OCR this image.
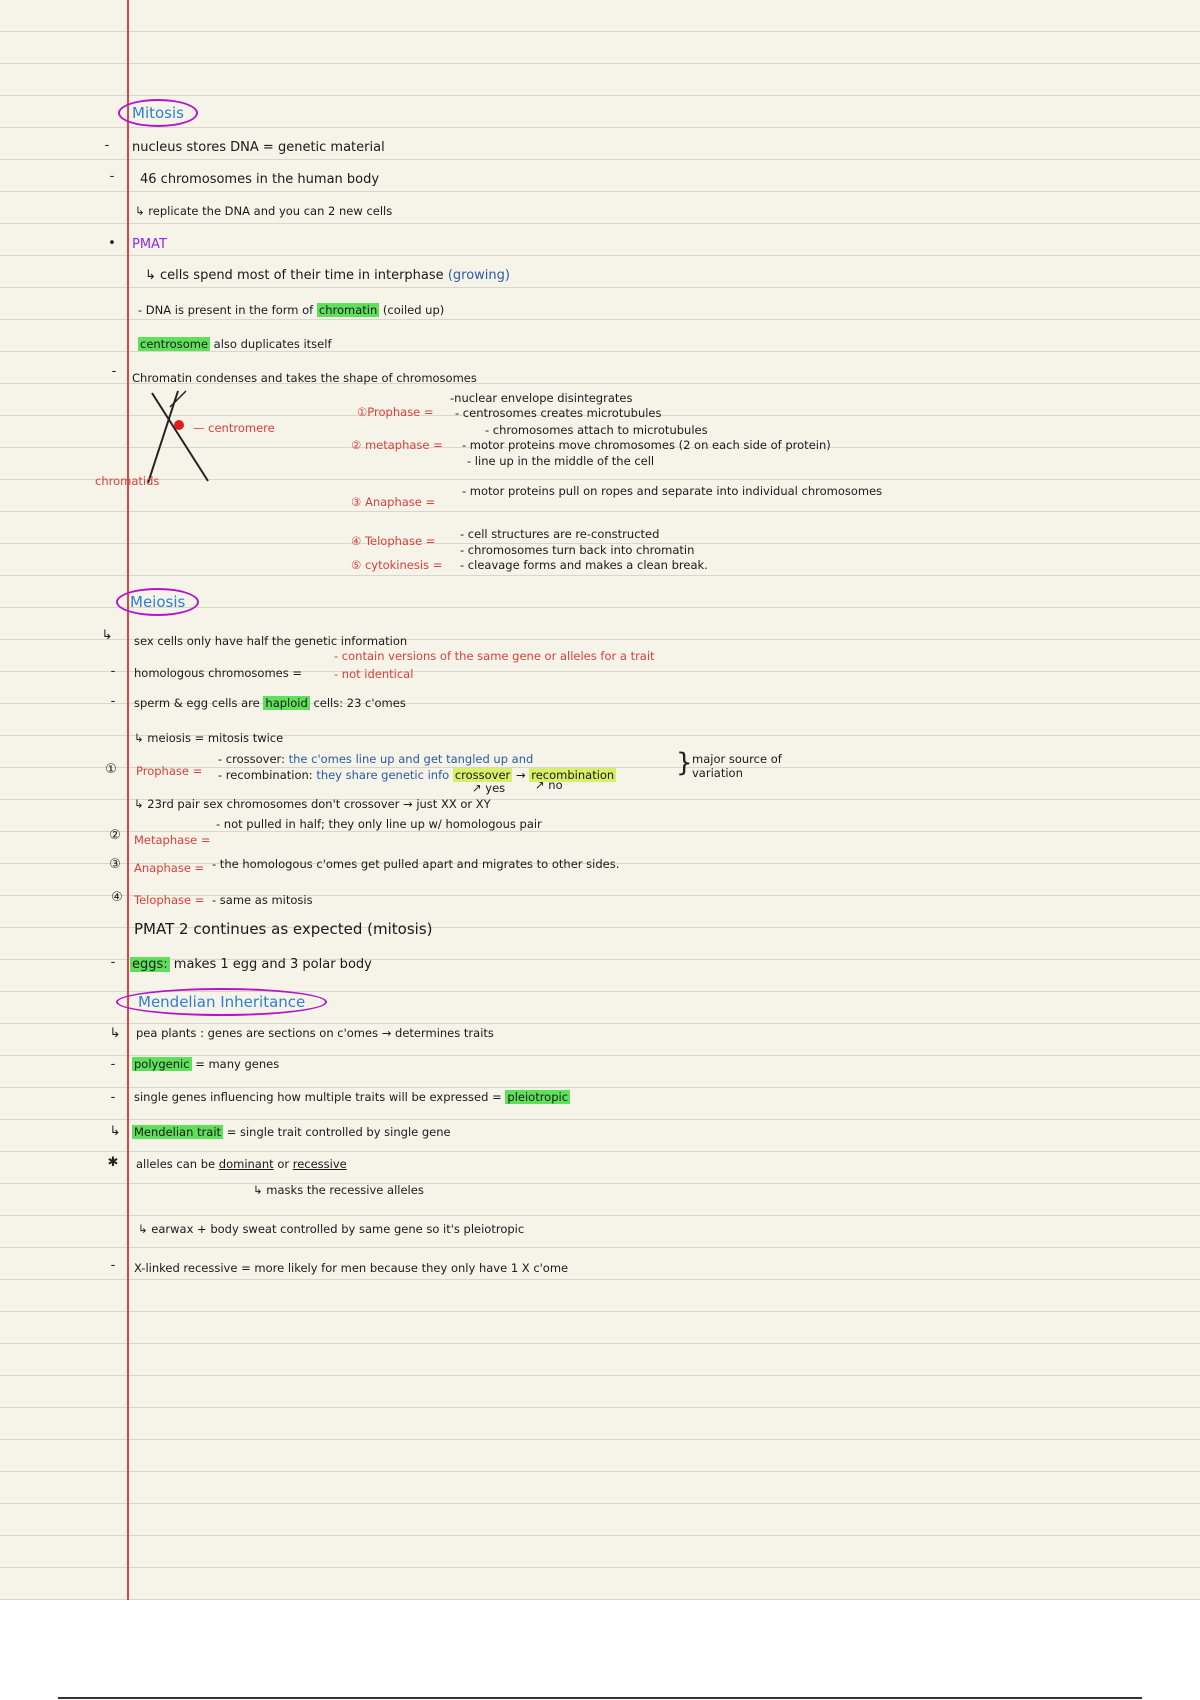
Mitosis
-	nucleus stores DNA = genetic material
-	46 chromosomes in the human body
↳ replicate the DNA and you can 2 new cells
• PMAT
↳ cells spend most of their time in interphase (growing)
- DNA is present in the form of chromatin (coiled up)
centrosome also duplicates itself
-	Chromatin condenses and takes the shape of chromosomes
— centromere
chromatids
①Prophase =
-nuclear envelope disintegrates
- centrosomes creates microtubules
② metaphase =
- chromosomes attach to microtubules
- motor proteins move chromosomes (2 on each side of protein)
- line up in the middle of the cell
③ Anaphase =
- motor proteins pull on ropes and separate into individual chromosomes
④ Telophase = - cell structures are re-constructed
- chromosomes turn back into chromatin
⑤ cytokinesis = - cleavage forms and makes a clean break.
Meiosis
↳ sex cells only have half the genetic information
-	homologous chromosomes =
- contain versions of the same gene or alleles for a trait
- not identical
-	sperm & egg cells are haploid cells: 23 c'omes
↳ meiosis = mitosis twice
① Prophase =
- crossover: the c'omes line up and get tangled up and
- recombination: they share genetic info crossover → recombination } major source of
variation
↗ yes	↗ no
↳ 23rd pair sex chromosomes don't crossover → just XX or XY
② Metaphase =
- not pulled in half; they only line up w/ homologous pair
③ Anaphase = - the homologous c'omes get pulled apart and migrates to other sides.
④ Telophase = - same as mitosis
PMAT 2 continues as expected (mitosis)
-	eggs: makes 1 egg and 3 polar body
Mendelian Inheritance
↳ pea plants : genes are sections on c'omes → determines traits
-	polygenic = many genes
-	single genes influencing how multiple traits will be expressed = pleiotropic
↳ Mendelian trait = single trait controlled by single gene
✱ alleles can be dominant or recessive
↳ masks the recessive alleles
↳ earwax + body sweat controlled by same gene so it's pleiotropic
-	X-linked recessive = more likely for men because they only have 1 X c'ome
